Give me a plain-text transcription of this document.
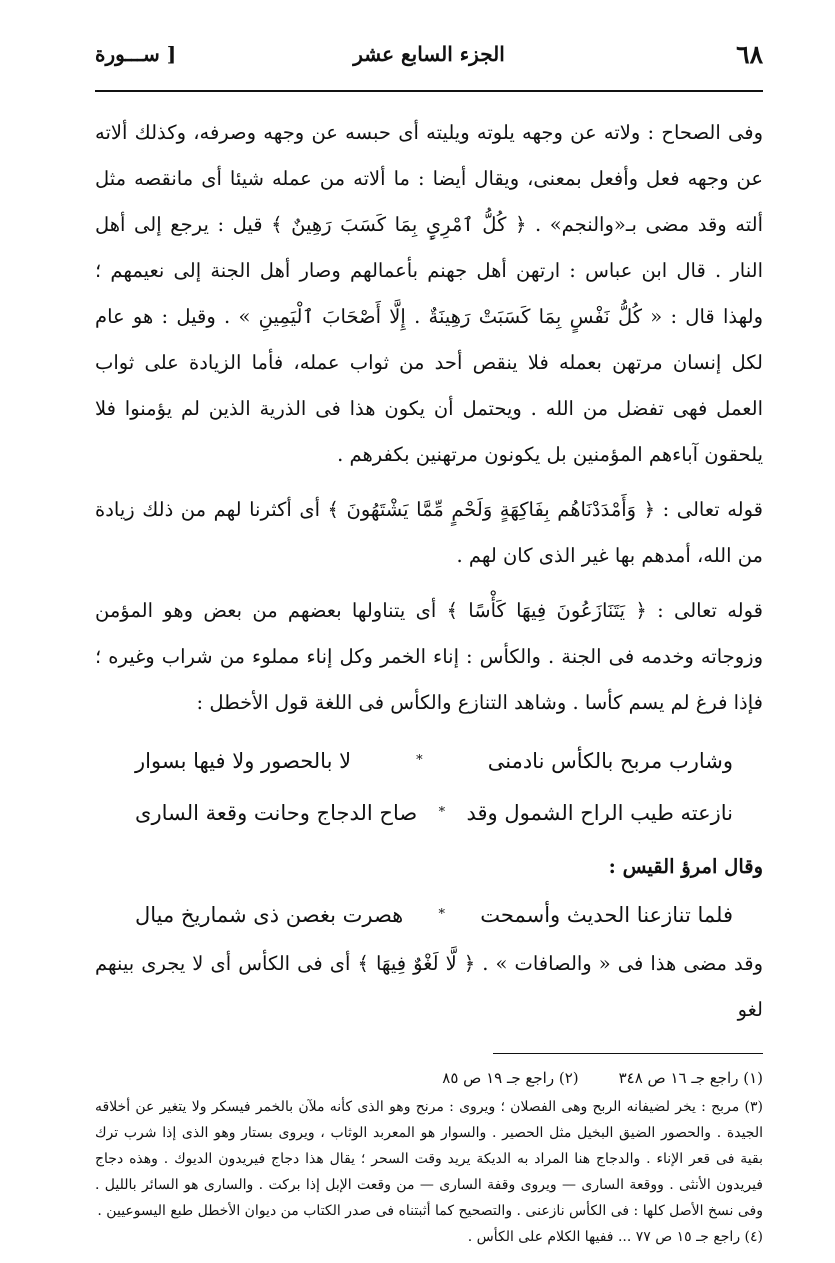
٦٨
الجزء السابع عشر
[ ســـورة

وفى الصحاح : ولاته عن وجهه يلوته ويليته أى حبسه عن وجهه وصرفه، وكذلك ألاته عن وجهه فعل وأفعل بمعنى، ويقال أيضا : ما ألاته من عمله شيئا أى مانقصه مثل ألته وقد مضى بـ«والنجم» . ﴿ كُلُّ ٱمْرِىٍٕ بِمَا كَسَبَ رَهِينٌ ﴾ قيل : يرجع إلى أهل النار . قال ابن عباس : ارتهن أهل جهنم بأعمالهم وصار أهل الجنة إلى نعيمهم ؛ ولهذا قال : « كُلُّ نَفْسٍ بِمَا كَسَبَتْ رَهِينَةٌ . إِلَّا أَصْحَابَ ٱلْيَمِينِ » . وقيل : هو عام لكل إنسان مرتهن بعمله فلا ينقص أحد من ثواب عمله، فأما الزيادة على ثواب العمل فهى تفضل من الله . ويحتمل أن يكون هذا فى الذرية الذين لم يؤمنوا فلا يلحقون آباءهم المؤمنين بل يكونون مرتهنين بكفرهم .

قوله تعالى : ﴿ وَأَمْدَدْنَاهُم بِفَاكِهَةٍ وَلَحْمٍ مِّمَّا يَشْتَهُونَ ﴾ أى أكثرنا لهم من ذلك زيادة من الله، أمدهم بها غير الذى كان لهم .

قوله تعالى : ﴿ يَتَنَازَعُونَ فِيهَا كَأْسًا ﴾ أى يتناولها بعضهم من بعض وهو المؤمن وزوجاته وخدمه فى الجنة . والكأس : إناء الخمر وكل إناء مملوء من شراب وغيره ؛ فإذا فرغ لم يسم كأسا . وشاهد التنازع والكأس فى اللغة قول الأخطل :

وشارب مربح بالكأس نادمنى
*
لا بالحصور ولا فيها بسوار
نازعته طيب الراح الشمول وقد
*
صاح الدجاج وحانت وقعة السارى
وقال امرؤ القيس :
فلما تنازعنا الحديث وأسمحت
*
هصرت بغصن ذى شماريخ ميال

وقد مضى هذا فى « والصافات » . ﴿ لَّا لَغْوٌ فِيهَا ﴾ أى فى الكأس أى لا يجرى بينهم لغو

(١) راجع جـ ١٦ ص ٣٤٨
(٢) راجع جـ ١٩ ص ٨٥

(٣) مربح : يخر لضيفانه الربح وهى الفصلان ؛ ويروى : مرنح وهو الذى كأنه ملآن بالخمر فيسكر ولا يتغير عن أخلاقه الجيدة . والحصور الضيق البخيل مثل الحصير . والسوار هو المعربد الوثاب ، ويروى بستار وهو الذى إذا شرب ترك بقية فى قعر الإناء . والدجاج هنا المراد به الديكة يريد وقت السحر ؛ يقال هذا دجاج فيريدون الديوك . وهذه دجاج فيريدون الأنثى . ووقعة السارى — ويروى وقفة السارى — من وقعت الإبل إذا بركت . والسارى هو السائر بالليل . وفى نسخ الأصل كلها : فى الكأس نازعنى . والتصحيح كما أثبتناه فى صدر الكتاب من ديوان الأخطل طبع اليسوعيين .

(٤) راجع جـ ١٥ ص ٧٧ ... ففيها الكلام على الكأس .
